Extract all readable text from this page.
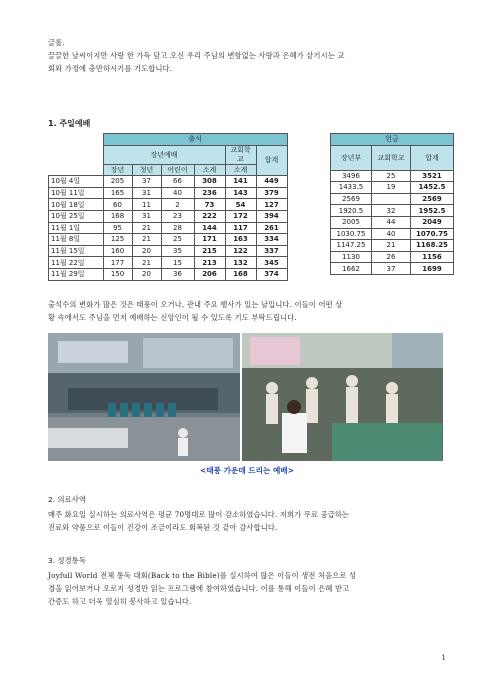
글롤.
끌끌한 날씨이지만 사랑 한 가득 담고 오신 우리 주님의 변함없는 사랑과 은혜가 샅기시는 교
회와 가정에 충만하시기를 기도합니다.
1. 주일예배
	출석					
	장년예배				교회학교	합계
	장년	청년	어린이	소계	소계	
10월 4일	205	37	66	308	141	449
10월 11일	165	31	40	236	143	379
10월 18일	60	11	2	73	54	127
10월 25일	168	31	23	222	172	394
11월 1일	95	21	28	144	117	261
11월 8일	125	21	25	171	163	334
11월 15일	160	20	35	215	122	337
11월 22일	177	21	15	213	132	345
11월 29일	150	20	36	206	168	374
헌금		
장년부	교회학교	합계
3496	25	3521
1433.5	19	1452.5
2569		2569
1920.5	32	1952.5
2005	44	2049
1030.75	40	1070.75
1147.25	21	1168.25
1130	26	1156
1662	37	1699
출석수의 변화가 많은 것은 태풍이 오거나, 관내 주요 행사가 있는 날입니다. 이들이 어떤 상
황 속에서도 주님을 먼저 예배하는 신앙인이 될 수 있도록 기도 부탁드립니다.
<태풍 가운데 드리는 예배>
2. 의료사역
매주 화요일 실시하는 의료사역은 평균 70명대로 많이 감소하였습니다. 저희가 무료 공급하는
진료와 약품으로 이들이 건강이 조금이라도 회복된 것 같아 감사합니다.
3. 성경통독
Joyfull World 전체 통독 대회(Back to the Bible)를 실시하여 많은 이들이 생전 처음으로 성
경을 읽어보거나 오로지 성경만 읽는 프로그램에 참여하였습니다. 이를 통해 이들이 은혜 받고
간증도 하고 더욱 열심히 봉사하고 있습니다.
1
